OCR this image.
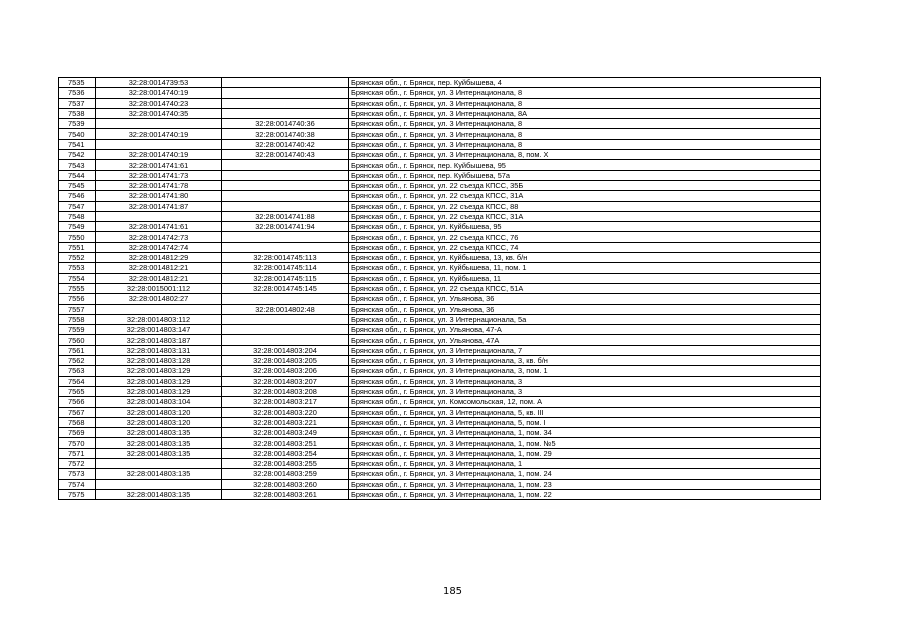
7535	32:28:0014739:53		Брянская обл., г. Брянск, пер. Куйбышева, 4
7536	32:28:0014740:19		Брянская обл., г. Брянск, ул. 3 Интернационала, 8
7537	32:28:0014740:23		Брянская обл., г. Брянск, ул. 3 Интернационала, 8
7538	32:28:0014740:35		Брянская обл., г. Брянск, ул. 3 Интернационала, 8А
7539		32:28:0014740:36	Брянская обл., г. Брянск, ул. 3 Интернационала, 8
7540	32:28:0014740:19	32:28:0014740:38	Брянская обл., г. Брянск, ул. 3 Интернационала, 8
7541		32:28:0014740:42	Брянская обл., г. Брянск, ул. 3 Интернационала, 8
7542	32:28:0014740:19	32:28:0014740:43	Брянская обл., г. Брянск, ул. 3 Интернационала, 8, пом. X
7543	32:28:0014741:61		Брянская обл., г. Брянск, пер. Куйбышева, 95
7544	32:28:0014741:73		Брянская обл., г. Брянск, пер. Куйбышева, 57а
7545	32:28:0014741:78		Брянская обл., г. Брянск, ул. 22 съезда КПСС, 35Б
7546	32:28:0014741:80		Брянская обл., г. Брянск, ул. 22 съезда КПСС, 31А
7547	32:28:0014741:87		Брянская обл., г. Брянск, ул. 22 съезда КПСС, 88
7548		32:28:0014741:88	Брянская обл., г. Брянск, ул. 22 съезда КПСС, 31А
7549	32:28:0014741:61	32:28:0014741:94	Брянская обл., г. Брянск, ул. Куйбышева, 95
7550	32:28:0014742:73		Брянская обл., г. Брянск, ул. 22 съезда КПСС, 76
7551	32:28:0014742:74		Брянская обл., г. Брянск, ул. 22 съезда КПСС, 74
7552	32:28:0014812:29	32:28:0014745:113	Брянская обл., г. Брянск, ул. Куйбышева, 13, кв. б/н
7553	32:28:0014812:21	32:28:0014745:114	Брянская обл., г. Брянск, ул. Куйбышева, 11, пом. 1
7554	32:28:0014812:21	32:28:0014745:115	Брянская обл., г. Брянск, ул. Куйбышева, 11
7555	32:28:0015001:112	32:28:0014745:145	Брянская обл., г. Брянск, ул. 22 съезда КПСС, 51А
7556	32:28:0014802:27		Брянская обл., г. Брянск, ул. Ульянова, 36
7557		32:28:0014802:48	Брянская обл., г. Брянск, ул. Ульянова, 36
7558	32:28:0014803:112		Брянская обл., г. Брянск, ул. 3 Интернационала, 5а
7559	32:28:0014803:147		Брянская обл., г. Брянск, ул. Ульянова, 47-А
7560	32:28:0014803:187		Брянская обл., г. Брянск, ул. Ульянова, 47А
7561	32:28:0014803:131	32:28:0014803:204	Брянская обл., г. Брянск, ул. 3 Интернационала, 7
7562	32:28:0014803:128	32:28:0014803:205	Брянская обл., г. Брянск, ул. 3 Интернационала, 3, кв. б/н
7563	32:28:0014803:129	32:28:0014803:206	Брянская обл., г. Брянск, ул. 3 Интернационала, 3, пом. 1
7564	32:28:0014803:129	32:28:0014803:207	Брянская обл., г. Брянск, ул. 3 Интернационала, 3
7565	32:28:0014803:129	32:28:0014803:208	Брянская обл., г. Брянск, ул. 3 Интернационала, 3
7566	32:28:0014803:104	32:28:0014803:217	Брянская обл., г. Брянск, ул. Комсомольская, 12, пом. А
7567	32:28:0014803:120	32:28:0014803:220	Брянская обл., г. Брянск, ул. 3 Интернационала, 5, кв. III
7568	32:28:0014803:120	32:28:0014803:221	Брянская обл., г. Брянск, ул. 3 Интернационала, 5, пом. I
7569	32:28:0014803:135	32:28:0014803:249	Брянская обл., г. Брянск, ул. 3 Интернационала, 1, пом. 34
7570	32:28:0014803:135	32:28:0014803:251	Брянская обл., г. Брянск, ул. 3 Интернационала, 1, пом. №5
7571	32:28:0014803:135	32:28:0014803:254	Брянская обл., г. Брянск, ул. 3 Интернационала, 1, пом. 29
7572		32:28:0014803:255	Брянская обл., г. Брянск, ул. 3 Интернационала, 1
7573	32:28:0014803:135	32:28:0014803:259	Брянская обл., г. Брянск, ул. 3 Интернационала, 1, пом. 24
7574		32:28:0014803:260	Брянская обл., г. Брянск, ул. 3 Интернационала, 1, пом. 23
7575	32:28:0014803:135	32:28:0014803:261	Брянская обл., г. Брянск, ул. 3 Интернационала, 1, пом. 22
185
